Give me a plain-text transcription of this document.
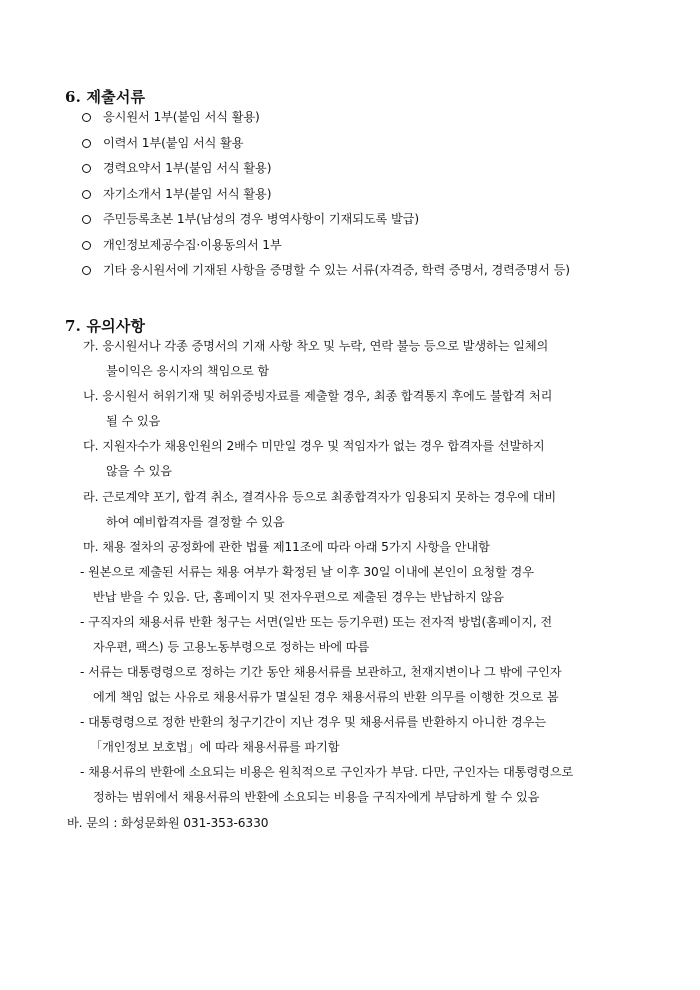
6. 제출서류
응시원서 1부(붙임 서식 활용)
이력서 1부(붙임 서식 활용
경력요약서 1부(붙임 서식 활용)
자기소개서 1부(붙임 서식 활용)
주민등록초본 1부(남성의 경우 병역사항이 기재되도록 발급)
개인정보제공수집·이용동의서 1부
기타 응시원서에 기재된 사항을 증명할 수 있는 서류(자격증, 학력 증명서, 경력증명서 등)
7. 유의사항
가. 응시원서나 각종 증명서의 기재 사항 착오 및 누락, 연락 불능 등으로 발생하는 일체의
불이익은 응시자의 책임으로 함
나. 응시원서 허위기재 및 허위증빙자료를 제출할 경우, 최종 합격통지 후에도 불합격 처리
될 수 있음
다. 지원자수가 채용인원의 2배수 미만일 경우 및 적임자가 없는 경우 합격자를 선발하지
않을 수 있음
라. 근로계약 포기, 합격 취소, 결격사유 등으로 최종합격자가 임용되지 못하는 경우에 대비
하여 예비합격자를 결정할 수 있음
마. 채용 절차의 공정화에 관한 법률 제11조에 따라 아래 5가지 사항을 안내함
- 원본으로 제출된 서류는 채용 여부가 확정된 날 이후 30일 이내에 본인이 요청할 경우
반납 받을 수 있음. 단, 홈페이지 및 전자우편으로 제출된 경우는 반납하지 않음
- 구직자의 채용서류 반환 청구는 서면(일반 또는 등기우편) 또는 전자적 방법(홈페이지, 전
자우편, 팩스) 등 고용노동부령으로 정하는 바에 따름
- 서류는 대통령령으로 정하는 기간 동안 채용서류를 보관하고, 천재지변이나 그 밖에 구인자
에게 책임 없는 사유로 채용서류가 멸실된 경우 채용서류의 반환 의무를 이행한 것으로 봄
- 대통령령으로 정한 반환의 청구기간이 지난 경우 및 채용서류를 반환하지 아니한 경우는
「개인정보 보호법」에 따라 채용서류를 파기함
- 채용서류의 반환에 소요되는 비용은 원칙적으로 구인자가 부담. 다만, 구인자는 대통령령으로
정하는 범위에서 채용서류의 반환에 소요되는 비용을 구직자에게 부담하게 할 수 있음
바. 문의 : 화성문화원 031-353-6330
